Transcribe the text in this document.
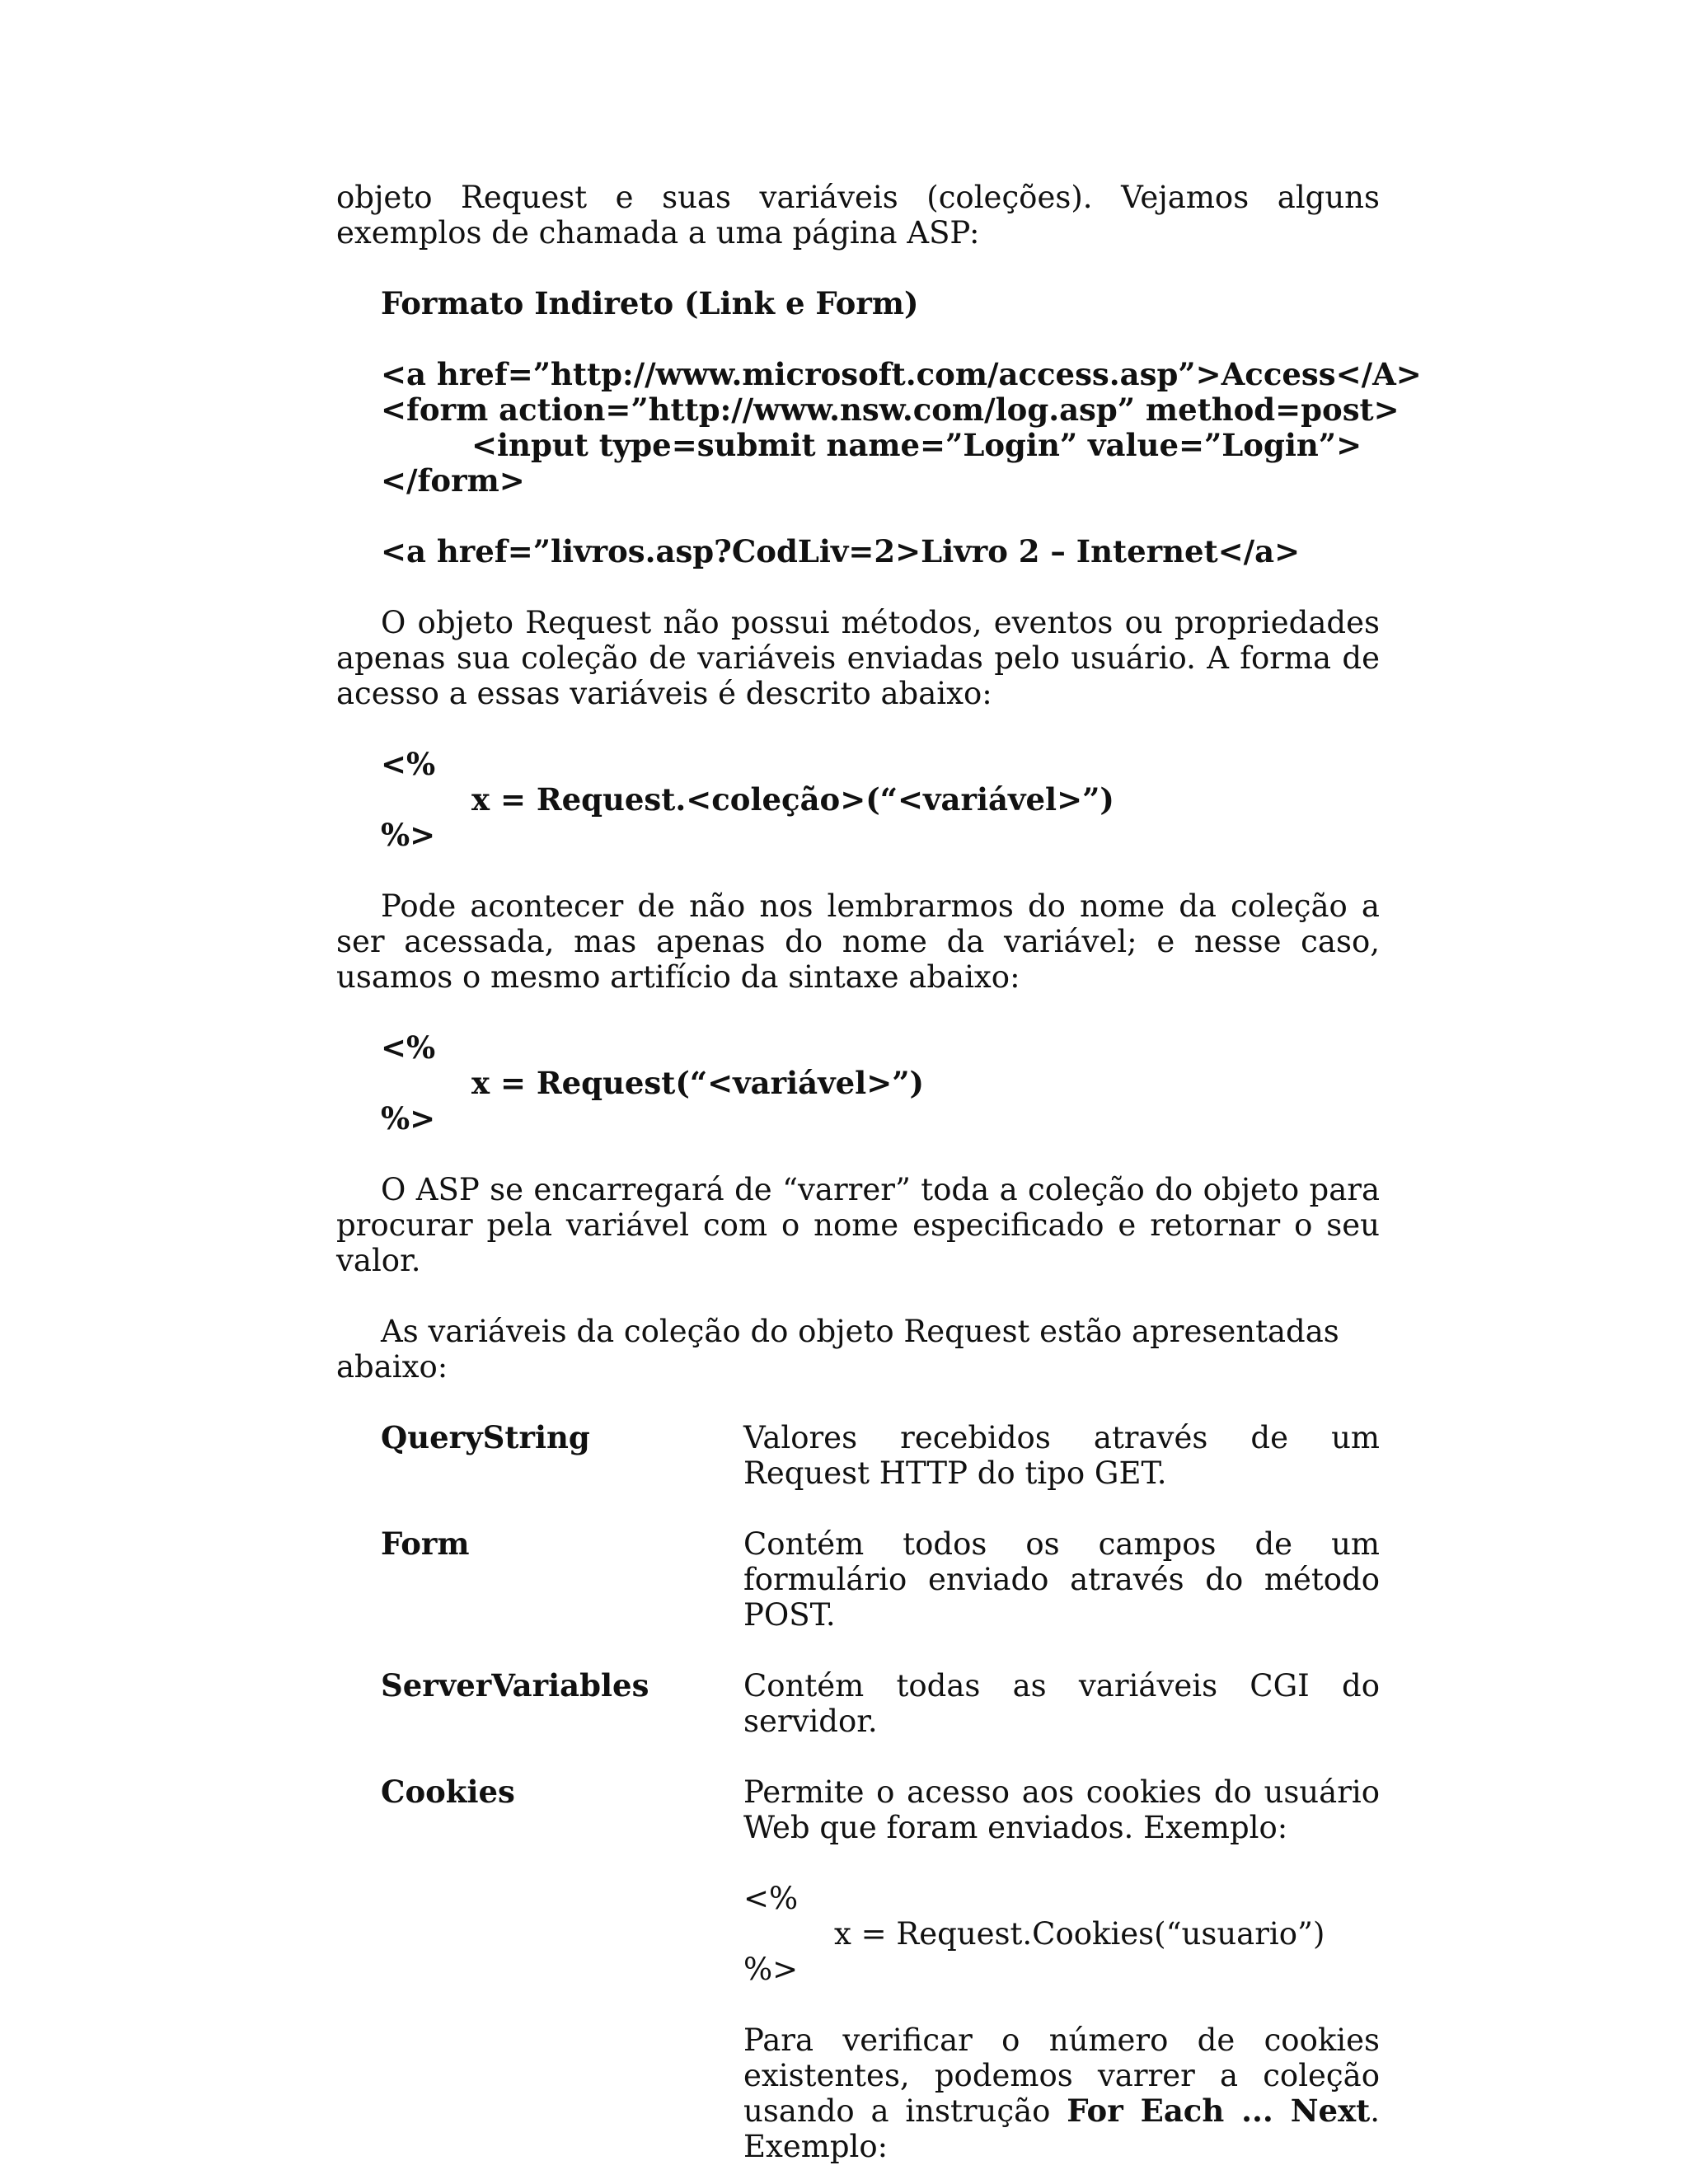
objeto Request e suas variáveis (coleções). Vejamos alguns exemplos de chamada a uma página ASP:

Formato Indireto (Link e Form)

<a href=”http://www.microsoft.com/access.asp”>Access</A>
<form action=”http://www.nsw.com/log.asp” method=post>
<input type=submit name=”Login” value=”Login”>
</form>
<a href=”livros.asp?CodLiv=2>Livro 2 – Internet</a>

O objeto Request não possui métodos, eventos ou propriedades apenas sua coleção de variáveis enviadas pelo usuário. A forma de acesso a essas variáveis é descrito abaixo:

<%
x = Request.<coleção>(“<variável>”)
%>

Pode acontecer de não nos lembrarmos do nome da coleção a ser acessada, mas apenas do nome da variável; e nesse caso, usamos o mesmo artifício da sintaxe abaixo:

<%
x = Request(“<variável>”)
%>

O ASP se encarregará de “varrer” toda a coleção do objeto para procurar pela variável com o nome especificado e retornar o seu valor.

As variáveis da coleção do objeto Request estão apresentadas abaixo:

QueryString	Valores recebidos através de um Request HTTP do tipo GET.
Form	Contém todos os campos de um formulário enviado através do método POST.
ServerVariables	Contém todas as variáveis CGI do servidor.
Cookies	Permite o acesso aos cookies do usuário Web que foram enviados. Exemplo:

<%
x = Request.Cookies(“usuario”)
%>

Para verificar o número de cookies existentes, podemos varrer a coleção usando a instrução For Each ... Next. Exemplo:
